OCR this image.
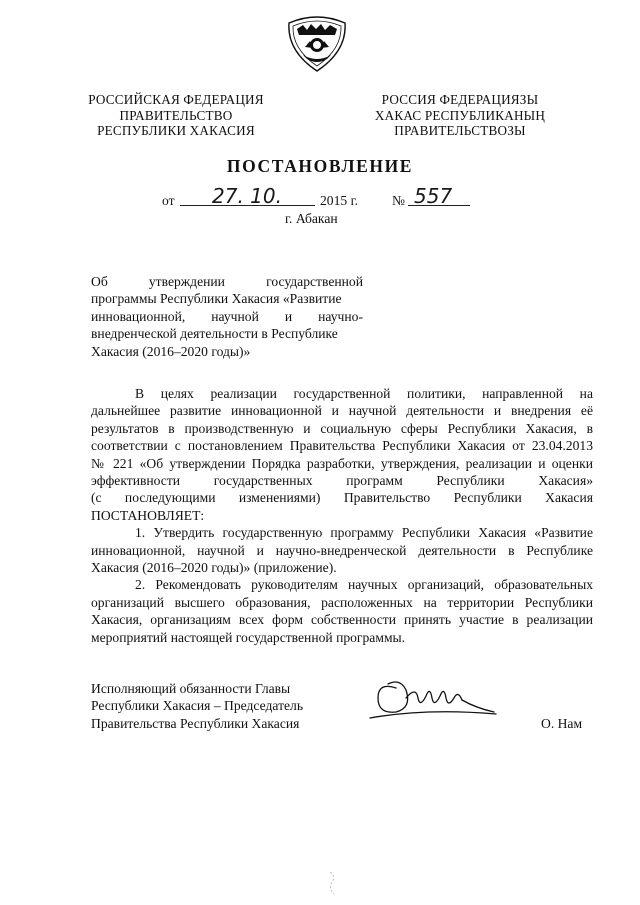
РОССИЙСКАЯ ФЕДЕРАЦИЯ
ПРАВИТЕЛЬСТВО
РЕСПУБЛИКИ ХАКАСИЯ
РОССИЯ ФЕДЕРАЦИЯЗЫ
ХАКАС РЕСПУБЛИКАНЫҢ
ПРАВИТЕЛЬСТВОЗЫ
ПОСТАНОВЛЕНИЕ
от 27. 10.	2015 г. № 557
г. Абакан
Об утверждении государственной
программы Республики Хакасия «Развитие
инновационной, научной и научно-
внедренческой деятельности в Республике
Хакасия (2016–2020 годы)»
В целях реализации государственной политики, направленной на
дальнейшее развитие инновационной и научной деятельности и внедрения её
результатов в производственную и социальную сферы Республики Хакасия, в
соответствии с постановлением Правительства Республики Хакасия от 23.04.2013
№ 221 «Об утверждении Порядка разработки, утверждения, реализации и оценки
эффективности государственных программ Республики Хакасия»
(с последующими изменениями) Правительство Республики Хакасия
ПОСТАНОВЛЯЕТ:
1. Утвердить государственную программу Республики Хакасия «Развитие
инновационной, научной и научно-внедренческой деятельности в Республике
Хакасия (2016–2020 годы)» (приложение).
2. Рекомендовать руководителям научных организаций, образовательных
организаций высшего образования, расположенных на территории Республики
Хакасия, организациям всех форм собственности принять участие в реализации
мероприятий настоящей государственной программы.
Исполняющий обязанности Главы
Республики Хакасия – Председатель
Правительства Республики Хакасия	О. Нам
